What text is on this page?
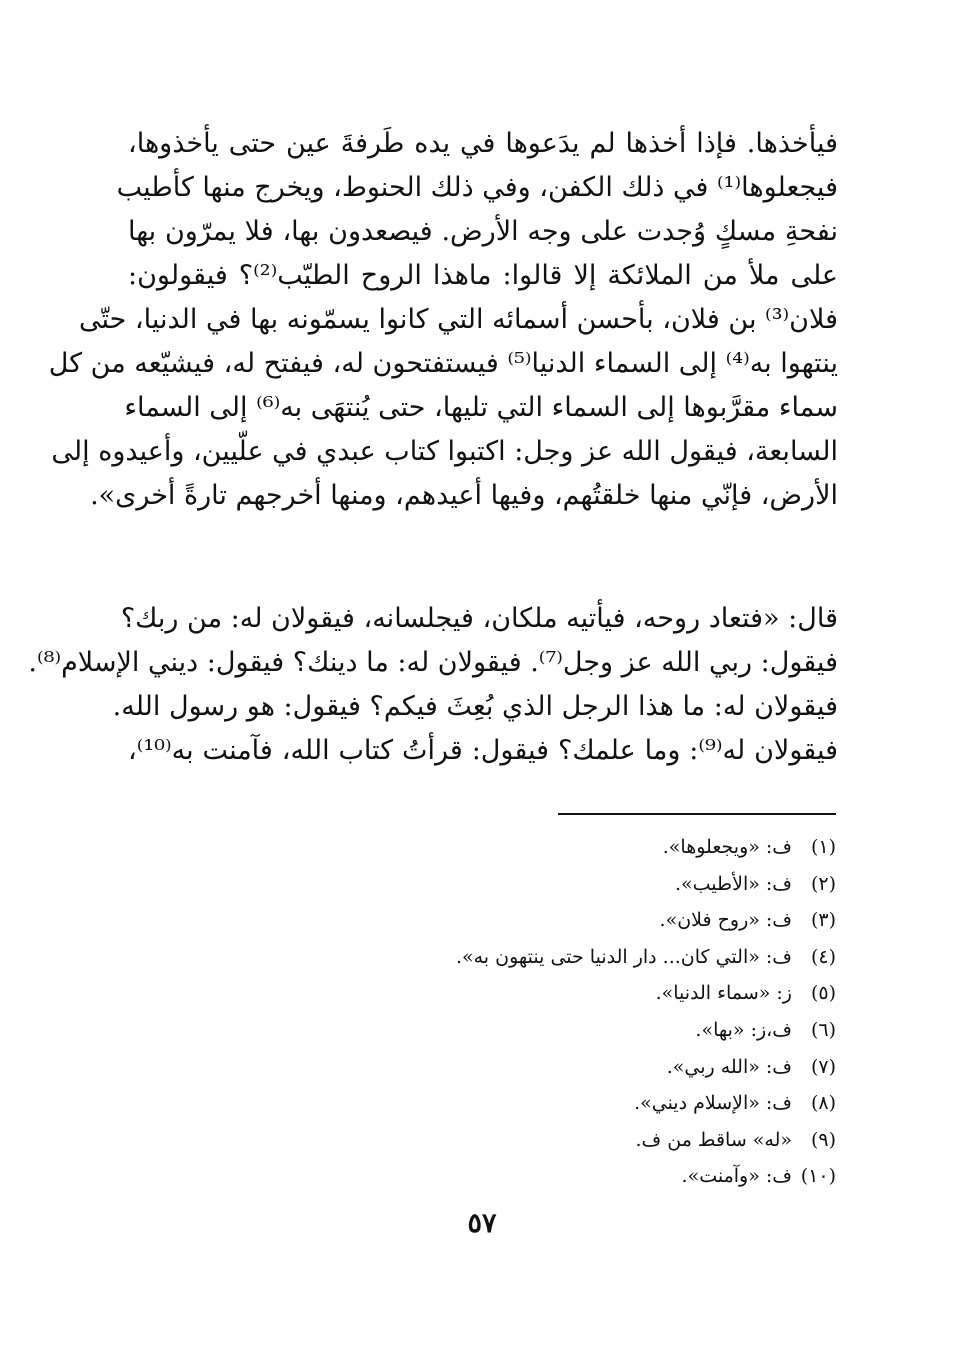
فيأخذها. فإذا أخذها لم يدَعوها في يده طَرفةَ عين حتى يأخذوها،
فيجعلوها⁽¹⁾ في ذلك الكفن، وفي ذلك الحنوط، ويخرج منها كأطيب
نفحةِ مسكٍ وُجدت على وجه الأرض. فيصعدون بها، فلا يمرّون بها
على ملأ من الملائكة إلا قالوا: ماهذا الروح الطيّب⁽²⁾؟ فيقولون:
فلان⁽³⁾ بن فلان، بأحسن أسمائه التي كانوا يسمّونه بها في الدنيا، حتّى
ينتهوا به⁽⁴⁾ إلى السماء الدنيا⁽⁵⁾ فيستفتحون له، فيفتح له، فيشيّعه من كل
سماء مقرَّبوها إلى السماء التي تليها، حتى يُنتهَى به⁽⁶⁾ إلى السماء
السابعة، فيقول الله عز وجل: اكتبوا كتاب عبدي في علّيين، وأعيدوه إلى
الأرض، فإنّي منها خلقتُهم، وفيها أعيدهم، ومنها أخرجهم تارةً أخرى».
قال: «فتعاد روحه، فيأتيه ملكان، فيجلسانه، فيقولان له: من ربك؟
فيقول: ربي الله عز وجل⁽⁷⁾. فيقولان له: ما دينك؟ فيقول: ديني الإسلام⁽⁸⁾.
فيقولان له: ما هذا الرجل الذي بُعِثَ فيكم؟ فيقول: هو رسول الله.
فيقولان له⁽⁹⁾: وما علمك؟ فيقول: قرأتُ كتاب الله، فآمنت به⁽¹⁰⁾،
(١)
ف: «ويجعلوها».
(٢)
ف: «الأطيب».
(٣)
ف: «روح فلان».
(٤)
ف: «التي كان... دار الدنيا حتى ينتهون به».
(٥)
ز: «سماء الدنيا».
(٦)
ف،ز: «بها».
(٧)
ف: «الله ربي».
(٨)
ف: «الإسلام ديني».
(٩)
«له» ساقط من ف.
(١٠)
ف: «وآمنت».
٥٧
